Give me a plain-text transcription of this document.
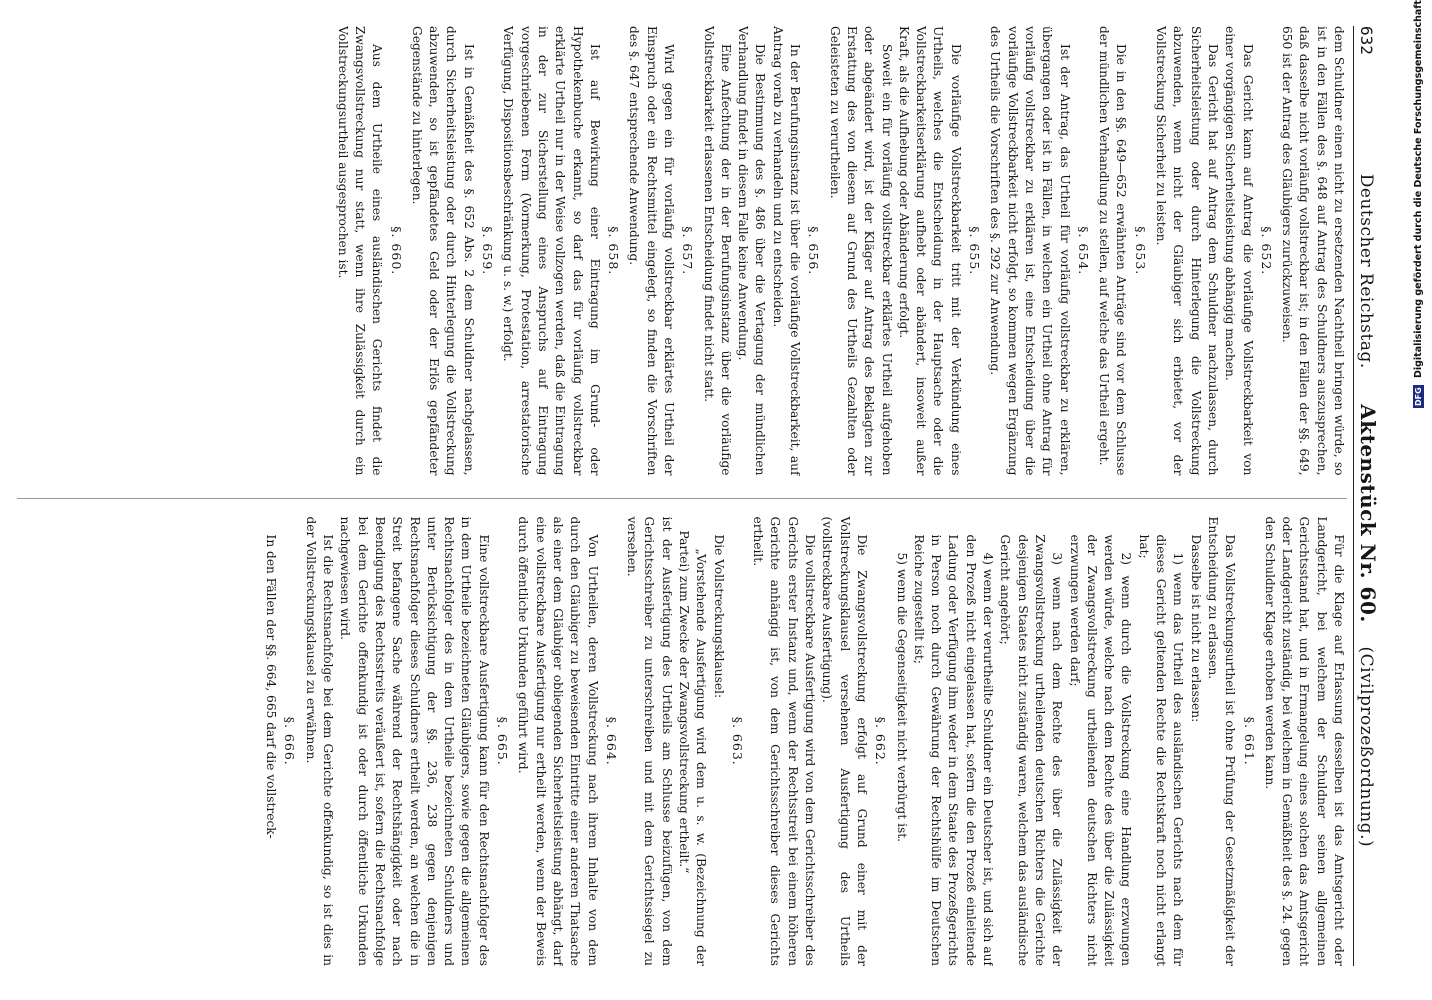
632
Deutscher Reichstag.      Aktenstück Nr. 60.    (Civilprozeßordnung.)

dem Schuldner einen nicht zu ersetzenden Nachtheil bringen würde, so ist in den Fällen des §. 648 auf Antrag des Schuldners auszusprechen, daß dasselbe nicht vorläufig vollstreckbar ist; in den Fällen der §§. 649, 650 ist der Antrag des Gläubigers zurückzuweisen.

§. 652.

Das Gericht kann auf Antrag die vorläufige Vollstreckbarkeit von einer vorgängigen Sicherheitsleistung abhängig machen.

Das Gericht hat auf Antrag dem Schuldner nachzulassen, durch Sicherheitsleistung oder durch Hinterlegung die Vollstreckung abzuwenden, wenn nicht der Gläubiger sich erbietet, vor der Vollstreckung Sicherheit zu leisten.

§. 653.

Die in den §§. 649—652 erwähnten Anträge sind vor dem Schlusse der mündlichen Verhandlung zu stellen, auf welche das Urtheil ergeht.

§. 654.

Ist der Antrag, das Urtheil für vorläufig vollstreckbar zu erklären, übergangen oder ist in Fällen, in welchen ein Urtheil ohne Antrag für vorläufig vollstreckbar zu erklären ist, eine Entscheidung über die vorläufige Vollstreckbarkeit nicht erfolgt, so kommen wegen Ergänzung des Urtheils die Vorschriften des §. 292 zur Anwendung.

§. 655.

Die vorläufige Vollstreckbarkeit tritt mit der Verkündung eines Urtheils, welches die Entscheidung in der Hauptsache oder die Vollstreckbarkeitserklärung aufhebt oder abändert, insoweit außer Kraft, als die Aufhebung oder Abänderung erfolgt.

Soweit ein für vorläufig vollstreckbar erklärtes Urtheil aufgehoben oder abgeändert wird, ist der Kläger auf Antrag des Beklagten zur Erstattung des von diesem auf Grund des Urtheils Gezahlten oder Geleisteten zu verurtheilen.

§. 656.

In der Berufungsinstanz ist über die vorläufige Vollstreckbarkeit, auf Antrag vorab zu verhandeln und zu entscheiden.

Die Bestimmung des §. 486 über die Vertagung der mündlichen Verhandlung findet in diesem Falle keine Anwendung.

Eine Anfechtung der in der Berufungsinstanz über die vorläufige Vollstreckbarkeit erlassenen Entscheidung findet nicht statt.

§. 657.

Wird gegen ein für vorläufig vollstreckbar erklärtes Urtheil der Einspruch oder ein Rechtsmittel eingelegt, so finden die Vorschriften des §. 647 entsprechende Anwendung.

§. 658.

Ist auf Bewirkung einer Eintragung im Grund- oder Hypothekenbuche erkannt, so darf das für vorläufig vollstreckbar erklärte Urtheil nur in der Weise vollzogen werden, daß die Eintragung in der zur Sicherstellung eines Anspruchs auf Eintragung vorgeschriebenen Form (Vormerkung, Protestation, arrestatorische Verfügung, Dispositionsbeschränkung u. s. w.) erfolgt.

§. 659.

Ist in Gemäßheit des §. 652 Abs. 2 dem Schuldner nachgelassen, durch Sicherheitsleistung oder durch Hinterlegung die Vollstreckung abzuwenden, so ist gepfändetes Geld oder der Erlös gepfändeter Gegenstände zu hinterlegen.

§. 660.

Aus dem Urtheile eines ausländischen Gerichts findet die Zwangsvollstreckung nur statt, wenn ihre Zulässigkeit durch ein Vollstreckungsurtheil ausgesprochen ist.

Für die Klage auf Erlassung desselben ist das Amtsgericht oder Landgericht, bei welchem der Schuldner seinen allgemeinen Gerichtsstand hat, und in Ermangelung eines solchen das Amtsgericht oder Landgericht zuständig, bei welchem in Gemäßheit des §. 24. gegen den Schuldner Klage erhoben werden kann.

§. 661.

Das Vollstreckungsurtheil ist ohne Prüfung der Gesetzmäßigkeit der Entscheidung zu erlassen.

Dasselbe ist nicht zu erlassen:

1) wenn das Urtheil des ausländischen Gerichts nach dem für dieses Gericht geltenden Rechte die Rechtskraft noch nicht erlangt hat;

2) wenn durch die Vollstreckung eine Handlung erzwungen werden würde, welche nach dem Rechte des über die Zulässigkeit der Zwangsvollstreckung urtheilenden deutschen Richters nicht erzwungen werden darf;

3) wenn nach dem Rechte des über die Zulässigkeit der Zwangsvollstreckung urtheilenden deutschen Richters die Gerichte desjenigen Staates nicht zuständig waren, welchem das ausländische Gericht angehört;

4) wenn der verurtheilte Schuldner ein Deutscher ist, und sich auf den Prozeß nicht eingelassen hat, sofern die den Prozeß einleitende Ladung oder Verfügung ihm weder in dem Staate des Prozeßgerichts in Person noch durch Gewährung der Rechtshülfe im Deutschen Reiche zugestellt ist;

5) wenn die Gegenseitigkeit nicht verbürgt ist.

§. 662.

Die Zwangsvollstreckung erfolgt auf Grund einer mit der Vollstreckungsklausel versehenen Ausfertigung des Urtheils (vollstreckbare Ausfertigung).

Die vollstreckbare Ausfertigung wird von dem Gerichtsschreiber des Gerichts erster Instanz und, wenn der Rechtsstreit bei einem höheren Gerichte anhängig ist, von dem Gerichtsschreiber dieses Gerichts ertheilt.

§. 663.

Die Vollstreckungsklausel:

„Vorstehende Ausfertigung wird dem u. s. w. (Bezeichnung der Partei) zum Zwecke der Zwangsvollstreckung ertheilt.“

ist der Ausfertigung des Urtheils am Schlusse beizufügen, von dem Gerichtsschreiber zu unterschreiben und mit dem Gerichtssiegel zu versehen.

§. 664.

Von Urtheilen, deren Vollstreckung nach ihrem Inhalte von dem durch den Gläubiger zu beweisenden Eintritte einer anderen Thatsache als einer dem Gläubiger obliegenden Sicherheitsleistung abhängt, darf eine vollstreckbare Ausfertigung nur ertheilt werden, wenn der Beweis durch öffentliche Urkunden geführt wird.

§. 665.

Eine vollstreckbare Ausfertigung kann für den Rechtsnachfolger des in dem Urtheile bezeichneten Gläubigers, sowie gegen die allgemeinen Rechtsnachfolger des in dem Urtheile bezeichneten Schuldners und unter Berücksichtigung der §§. 236, 238 gegen denjenigen Rechtsnachfolger dieses Schuldners ertheilt werden, an welchen die in Streit befangene Sache während der Rechtshängigkeit oder nach Beendigung des Rechtsstreits veräußert ist, sofern die Rechtsnachfolge bei dem Gerichte offenkundig ist oder durch öffentliche Urkunden nachgewiesen wird.

Ist die Rechtsnachfolge bei dem Gerichte offenkundig, so ist dies in der Vollstreckungsklausel zu erwähnen.

§. 666.

In den Fällen der §§. 664, 665 darf die vollstreck-

DFG Digitalisierung gefördert durch die Deutsche Forschungsgemeinschaft
